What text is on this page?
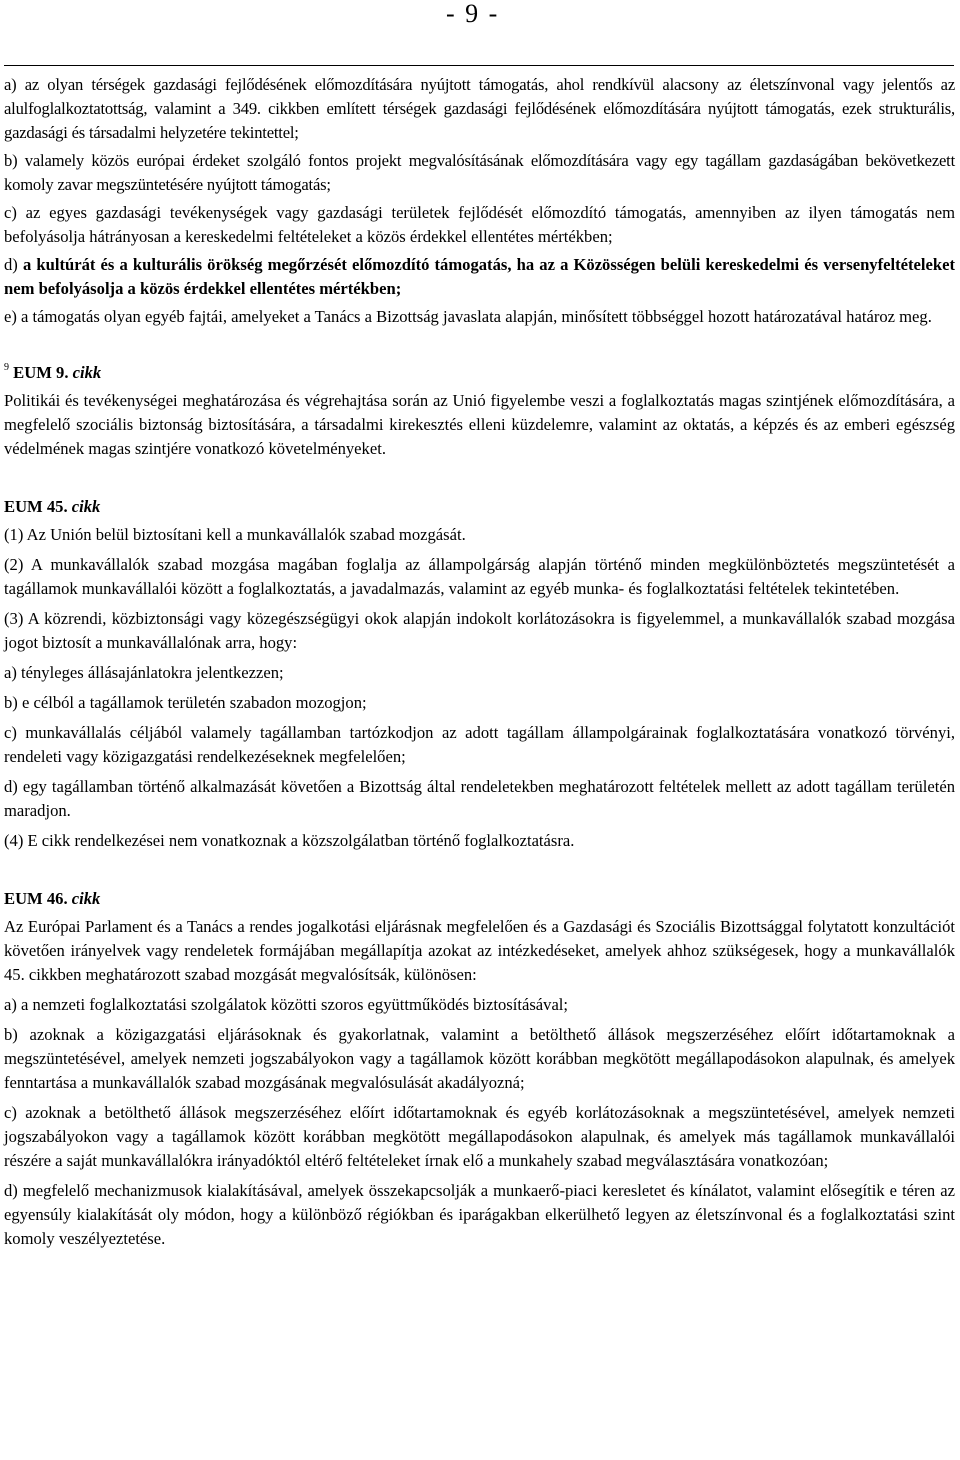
- 9 -

a) az olyan térségek gazdasági fejlődésének előmozdítására nyújtott támogatás, ahol rendkívül alacsony az életszínvonal vagy jelentős az alulfoglalkoztatottság, valamint a 349. cikkben említett térségek gazdasági fejlődésének előmozdítására nyújtott támogatás, ezek strukturális, gazdasági és társadalmi helyzetére tekintettel;

b) valamely közös európai érdeket szolgáló fontos projekt megvalósításának előmozdítására vagy egy tagállam gazdaságában bekövetkezett komoly zavar megszüntetésére nyújtott támogatás;

c) az egyes gazdasági tevékenységek vagy gazdasági területek fejlődését előmozdító támogatás, amennyiben az ilyen támogatás nem befolyásolja hátrányosan a kereskedelmi feltételeket a közös érdekkel ellentétes mértékben;

d) a kultúrát és a kulturális örökség megőrzését előmozdító támogatás, ha az a Közösségen belüli kereskedelmi és versenyfeltételeket nem befolyásolja a közös érdekkel ellentétes mértékben;

e) a támogatás olyan egyéb fajtái, amelyeket a Tanács a Bizottság javaslata alapján, minősített többséggel hozott határozatával határoz meg.

$^9$ EUM 9. cikk

Politikái és tevékenységei meghatározása és végrehajtása során az Unió figyelembe veszi a foglalkoztatás magas szintjének előmozdítására, a megfelelő szociális biztonság biztosítására, a társadalmi kirekesztés elleni küzdelemre, valamint az oktatás, a képzés és az emberi egészség védelmének magas szintjére vonatkozó követelményeket.

EUM 45. cikk

(1) Az Unión belül biztosítani kell a munkavállalók szabad mozgását.

(2) A munkavállalók szabad mozgása magában foglalja az állampolgárság alapján történő minden megkülönböztetés megszüntetését a tagállamok munkavállalói között a foglalkoztatás, a javadalmazás, valamint az egyéb munka- és foglalkoztatási feltételek tekintetében.

(3) A közrendi, közbiztonsági vagy közegészségügyi okok alapján indokolt korlátozásokra is figyelemmel, a munkavállalók szabad mozgása jogot biztosít a munkavállalónak arra, hogy:

a) tényleges állásajánlatokra jelentkezzen;

b) e célból a tagállamok területén szabadon mozogjon;

c) munkavállalás céljából valamely tagállamban tartózkodjon az adott tagállam állampolgárainak foglalkoztatására vonatkozó törvényi, rendeleti vagy közigazgatási rendelkezéseknek megfelelően;

d) egy tagállamban történő alkalmazását követően a Bizottság által rendeletekben meghatározott feltételek mellett az adott tagállam területén maradjon.

(4) E cikk rendelkezései nem vonatkoznak a közszolgálatban történő foglalkoztatásra.

EUM 46. cikk

Az Európai Parlament és a Tanács a rendes jogalkotási eljárásnak megfelelően és a Gazdasági és Szociális Bizottsággal folytatott konzultációt követően irányelvek vagy rendeletek formájában megállapítja azokat az intézkedéseket, amelyek ahhoz szükségesek, hogy a munkavállalók 45. cikkben meghatározott szabad mozgását megvalósítsák, különösen:

a) a nemzeti foglalkoztatási szolgálatok közötti szoros együttműködés biztosításával;

b) azoknak a közigazgatási eljárásoknak és gyakorlatnak, valamint a betölthető állások megszerzéséhez előírt időtartamoknak a megszüntetésével, amelyek nemzeti jogszabályokon vagy a tagállamok között korábban megkötött megállapodásokon alapulnak, és amelyek fenntartása a munkavállalók szabad mozgásának megvalósulását akadályozná;

c) azoknak a betölthető állások megszerzéséhez előírt időtartamoknak és egyéb korlátozásoknak a megszüntetésével, amelyek nemzeti jogszabályokon vagy a tagállamok között korábban megkötött megállapodásokon alapulnak, és amelyek más tagállamok munkavállalói részére a saját munkavállalókra irányadóktól eltérő feltételeket írnak elő a munkahely szabad megválasztására vonatkozóan;

d) megfelelő mechanizmusok kialakításával, amelyek összekapcsolják a munkaerő-piaci keresletet és kínálatot, valamint elősegítik e téren az egyensúly kialakítását oly módon, hogy a különböző régiókban és iparágakban elkerülhető legyen az életszínvonal és a foglalkoztatási szint komoly veszélyeztetése.
